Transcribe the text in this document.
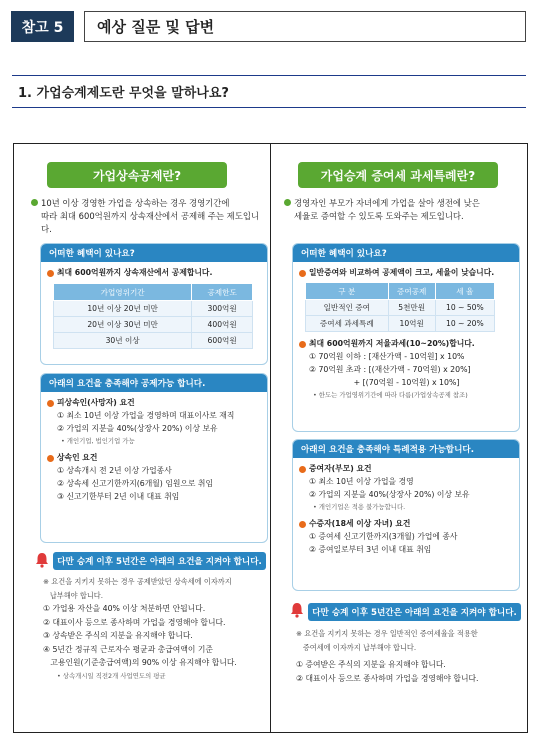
참고 5	예상 질문 및 답변
1. 가업승계제도란 무엇을 말하나요?
가업상속공제란?
10년 이상 경영한 가업을 상속하는 경우 경영기간에
따라 최대 600억원까지 상속재산에서 공제해 주는 제도입니다.
어떠한 혜택이 있나요?
최대 600억원까지 상속재산에서 공제합니다.
가업영위기간	공제한도
10년 이상 20년 미만	300억원
20년 이상 30년 미만	400억원
30년 이상	600억원
아래의 요건을 충족해야 공제가능 합니다.
피상속인(사망자) 요건
① 최소 10년 이상 가업을 경영하며 대표이사로 재직
② 가업의 지분을 40%(상장사 20%) 이상 보유
• 개인기업, 법인기업 가능
상속인 요건
① 상속개시 전 2년 이상 가업종사
② 상속세 신고기한까지(6개월) 임원으로 취임
③ 신고기한부터 2년 이내 대표 취임
다만 승계 이후 5년간은 아래의 요건을 지켜야 합니다.
※ 요건을 지키지 못하는 경우 공제받았던 상속세에 이자까지
납부해야 합니다.
① 가업용 자산을 40% 이상 처분하면 안됩니다.
② 대표이사 등으로 종사하며 가업을 경영해야 합니다.
③ 상속받은 주식의 지분을 유지해야 합니다.
④ 5년간 정규직 근로자수 평균과 총급여액이 기준
고용인원(기준총급여액)의 90% 이상 유지해야 합니다.
• 상속개시일 직전2개 사업연도의 평균
가업승계 증여세 과세특례란?
경영자인 부모가 자녀에게 가업을 살아 생전에 낮은
세율로 증여할 수 있도록 도와주는 제도입니다.
어떠한 혜택이 있나요?
일반증여와 비교하여 공제액이 크고, 세율이 낮습니다.
구 분	증여공제	세 율
일반적인 증여	5천만원	10 ~ 50%
증여세 과세특례	10억원	10 ~ 20%
최대 600억원까지 저율과세(10~20%)합니다.
① 70억원 이하 : [재산가액 - 10억원] x 10%
② 70억원 초과 : [(재산가액 - 70억원) x 20%]
+ [(70억원 - 10억원) x 10%]
• 한도는 가업영위기간에 따라 다름(가업상속공제 참조)
아래의 요건을 충족해야 특례적용 가능합니다.
증여자(부모) 요건
① 최소 10년 이상 가업을 경영
② 가업의 지분을 40%(상장사 20%) 이상 보유
• 개인기업은 적용 불가능합니다.
수증자(18세 이상 자녀) 요건
① 증여세 신고기한까지(3개월) 가업에 종사
② 증여일로부터 3년 이내 대표 취임
다만 승계 이후 5년간은 아래의 요건을 지켜야 합니다.
※ 요건을 지키지 못하는 경우 일반적인 증여세율을 적용한
증여세에 이자까지 납부해야 합니다.
① 증여받은 주식의 지분을 유지해야 합니다.
② 대표이사 등으로 종사하며 가업을 경영해야 합니다.
